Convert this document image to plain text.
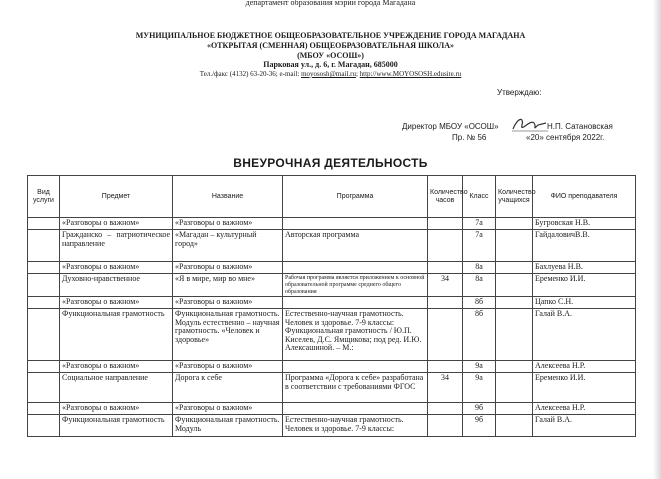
департамент образования мэрии города Магадана
МУНИЦИПАЛЬНОЕ БЮДЖЕТНОЕ ОБЩЕОБРАЗОВАТЕЛЬНОЕ УЧРЕЖДЕНИЕ ГОРОДА МАГАДАНА
«ОТКРЫТАЯ (СМЕННАЯ) ОБЩЕОБРАЗОВАТЕЛЬНАЯ ШКОЛА»
(МБОУ «ОСОШ»)
Парковая ул., д. 6, г. Магадан, 685000
Тел./факс (4132) 63-20-36; e-mail: moyososh@mail.ru; http://www.MOYOSOSH.edusite.ru
Утверждаю:
Директор МБОУ «ОСОШ»	Н.П. Сатановская
Пр. № 56	«20» сентября 2022г.
ВНЕУРОЧНАЯ ДЕЯТЕЛЬНОСТЬ
Вид услуги	Предмет	Название	Программа	Количество часов	Класс	Количество учащихся	ФИО преподавателя
	«Разговоры о важном»	«Разговоры о важном»			7а		Бугровская Н.В.
	Гражданско – патриотическое направление	«Магадан – культурный город»	Авторская программа		7а		ГайдаловичВ.В.
	«Разговоры о важном»	«Разговоры о важном»			8а		Бахлуева Н.В.
	Духовно-нравственное	«Я в мире, мир во мне»	Рабочая программа является приложением к основной образовательной программе среднего общего образования	34	8а		Еременко И.И.
	«Разговоры о важном»	«Разговоры о важном»			8б		Цапко С.Н.
	Функциональная грамотность	Функциональная грамотность. Модуль естественно – научная грамотность. «Человек и здоровье»	Естественно-научная грамотность. Человек и здоровье. 7-9 классы: Функциональная грамотность / Ю.П. Киселев, Д.С. Ямщикова; под ред. И.Ю. Алексашиной. – М.:		8б		Галай В.А.
	«Разговоры о важном»	«Разговоры о важном»			9а		Алексеева Н.Р.
	Социальное направление	Дорога к себе	Программа «Дорога к себе» разработана в соответствии с требованиями ФГОС	34	9а		Еременко И.И.
	«Разговоры о важном»	«Разговоры о важном»			9б		Алексеева Н.Р.
	Функциональная грамотность	Функциональная грамотность. Модуль	Естественно-научная грамотность. Человек и здоровье. 7-9 классы:		9б		Галай В.А.
